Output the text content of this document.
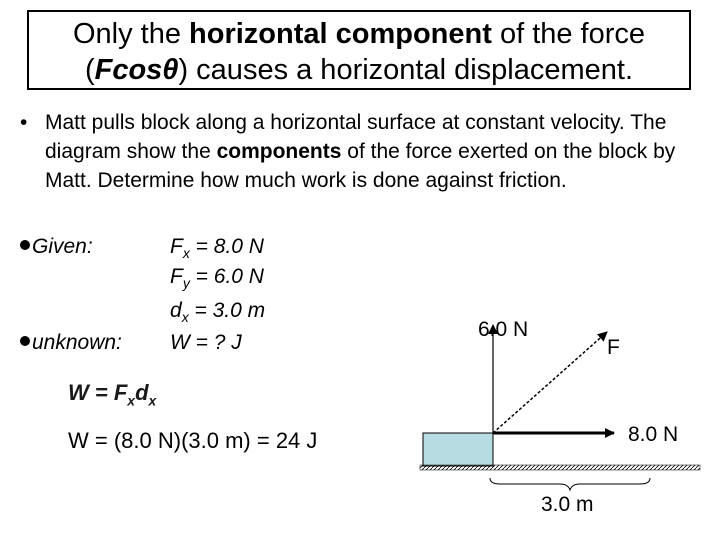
Only the horizontal component of the force
(Fcosθ) causes a horizontal displacement.
• Matt pulls block along a horizontal surface at constant velocity. The diagram show the components of the force exerted on the block by Matt. Determine how much work is done against friction.
Given:	$F_x = 8.0$ N
$F_y = 6.0$ N
$d_x = 3.0$ m
unknown: W = ? J
$W = F_xd_x$
W = (8.0 N)(3.0 m) = 24 J
6.0 N
F
8.0 N
3.0 m
